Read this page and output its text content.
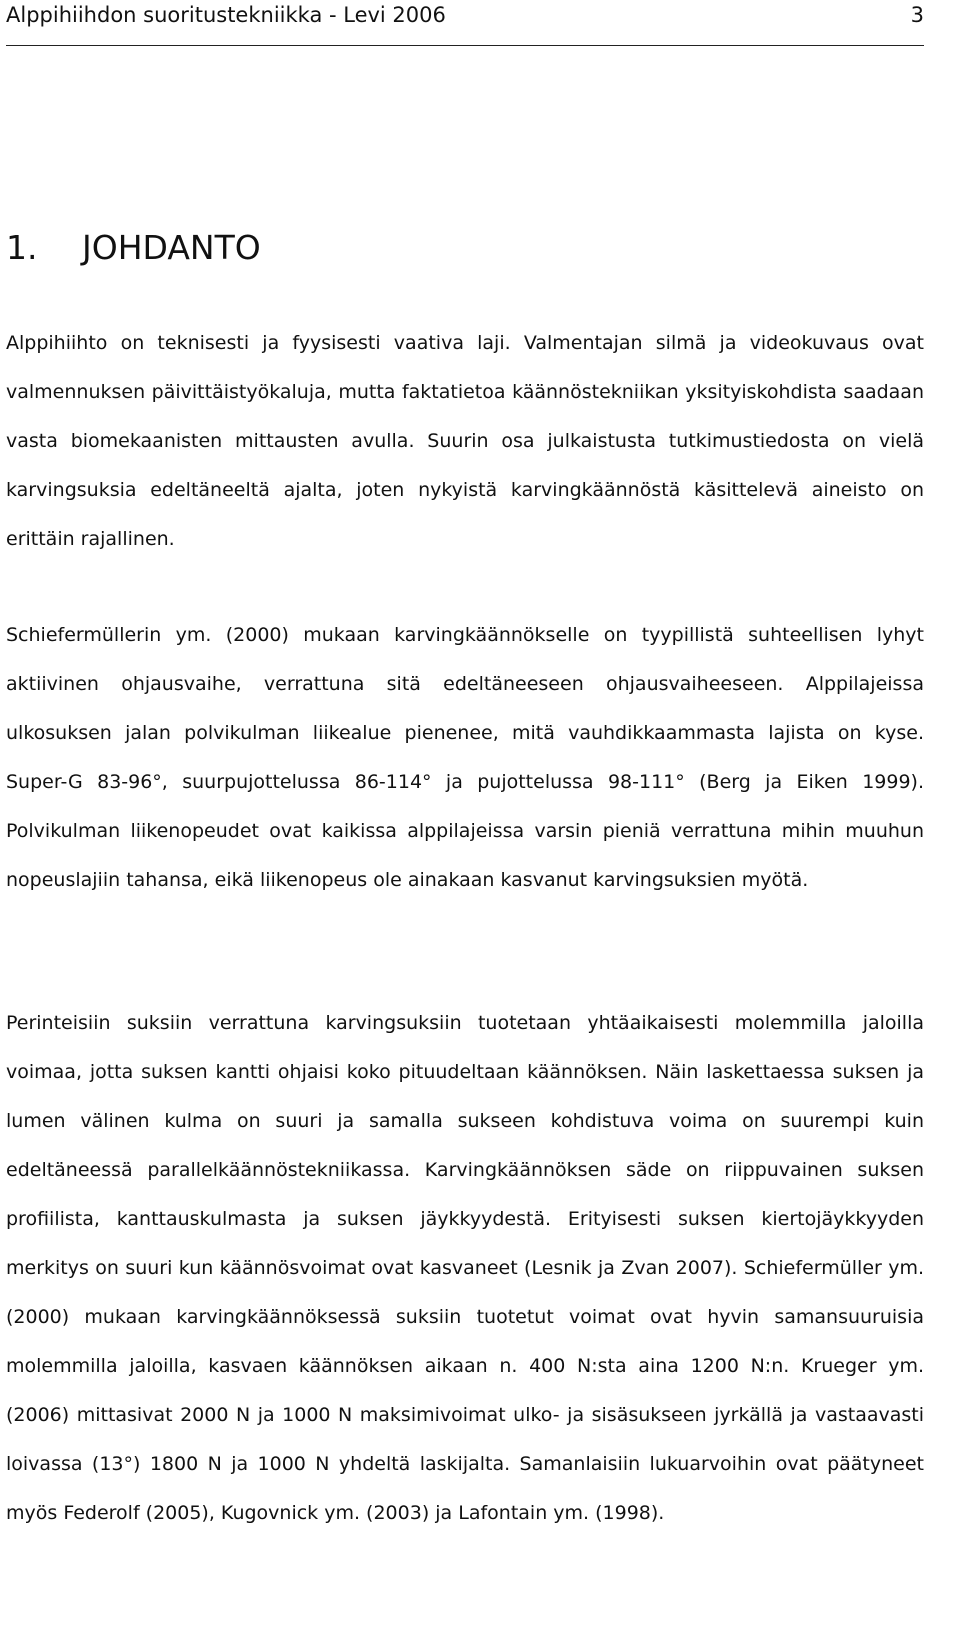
Alppihiihdon suoritustekniikka - Levi 2006	3
1. JOHDANTO

Alppihiihto on teknisesti ja fyysisesti vaativa laji. Valmentajan silmä ja videokuvaus ovat valmennuksen päivittäistyökaluja, mutta faktatietoa käännöstekniikan yksityiskohdista saadaan vasta biomekaanisten mittausten avulla. Suurin osa julkaistusta tutkimustiedosta on vielä karvingsuksia edeltäneeltä ajalta, joten nykyistä karvingkäännöstä käsittelevä aineisto on erittäin rajallinen.

Schiefermüllerin ym. (2000) mukaan karvingkäännökselle on tyypillistä suhteellisen lyhyt aktiivinen ohjausvaihe, verrattuna sitä edeltäneeseen ohjausvaiheeseen. Alppilajeissa ulkosuksen jalan polvikulman liikealue pienenee, mitä vauhdikkaammasta lajista on kyse. Super-G 83-96°, suurpujottelussa 86-114° ja pujottelussa 98-111° (Berg ja Eiken 1999). Polvikulman liikenopeudet ovat kaikissa alppilajeissa varsin pieniä verrattuna mihin muuhun nopeuslajiin tahansa, eikä liikenopeus ole ainakaan kasvanut karvingsuksien myötä.

Perinteisiin suksiin verrattuna karvingsuksiin tuotetaan yhtäaikaisesti molemmilla jaloilla voimaa, jotta suksen kantti ohjaisi koko pituudeltaan käännöksen. Näin laskettaessa suksen ja lumen välinen kulma on suuri ja samalla sukseen kohdistuva voima on suurempi kuin edeltäneessä parallelkäännöstekniikassa. Karvingkäännöksen säde on riippuvainen suksen profiilista, kanttauskulmasta ja suksen jäykkyydestä. Erityisesti suksen kiertojäykkyyden merkitys on suuri kun käännösvoimat ovat kasvaneet (Lesnik ja Zvan 2007). Schiefermüller ym. (2000) mukaan karvingkäännöksessä suksiin tuotetut voimat ovat hyvin samansuuruisia molemmilla jaloilla, kasvaen käännöksen aikaan n. 400 N:sta aina 1200 N:n. Krueger ym. (2006) mittasivat 2000 N ja 1000 N maksimivoimat ulko- ja sisäsukseen jyrkällä ja vastaavasti loivassa (13°) 1800 N ja 1000 N yhdeltä laskijalta. Samanlaisiin lukuarvoihin ovat päätyneet myös Federolf (2005), Kugovnick ym. (2003) ja Lafontain ym. (1998).
